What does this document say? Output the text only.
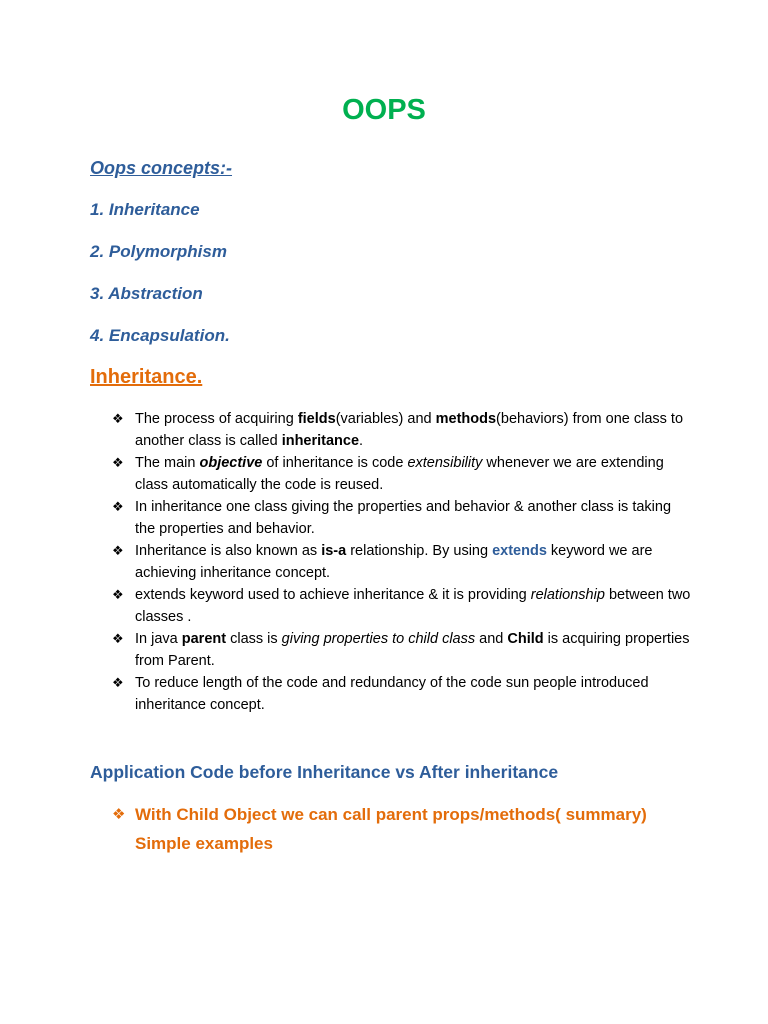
OOPS
Oops concepts:-
1. Inheritance
2. Polymorphism
3. Abstraction
4. Encapsulation.
Inheritance.
❖ The process of acquiring fields(variables) and methods(behaviors) from one class to another class is called inheritance.
❖ The main objective of inheritance is code extensibility whenever we are extending class automatically the code is reused.
❖ In inheritance one class giving the properties and behavior & another class is taking the properties and behavior.
❖ Inheritance is also known as is-a relationship. By using extends keyword we are achieving inheritance concept.
❖ extends keyword used to achieve inheritance & it is providing relationship between two classes .
❖ In java parent class is giving properties to child class and Child is acquiring properties from Parent.
❖ To reduce length of the code and redundancy of the code sun people introduced inheritance concept.
Application Code before Inheritance vs After inheritance
❖ With Child Object we can call parent props/methods( summary)
Simple examples
